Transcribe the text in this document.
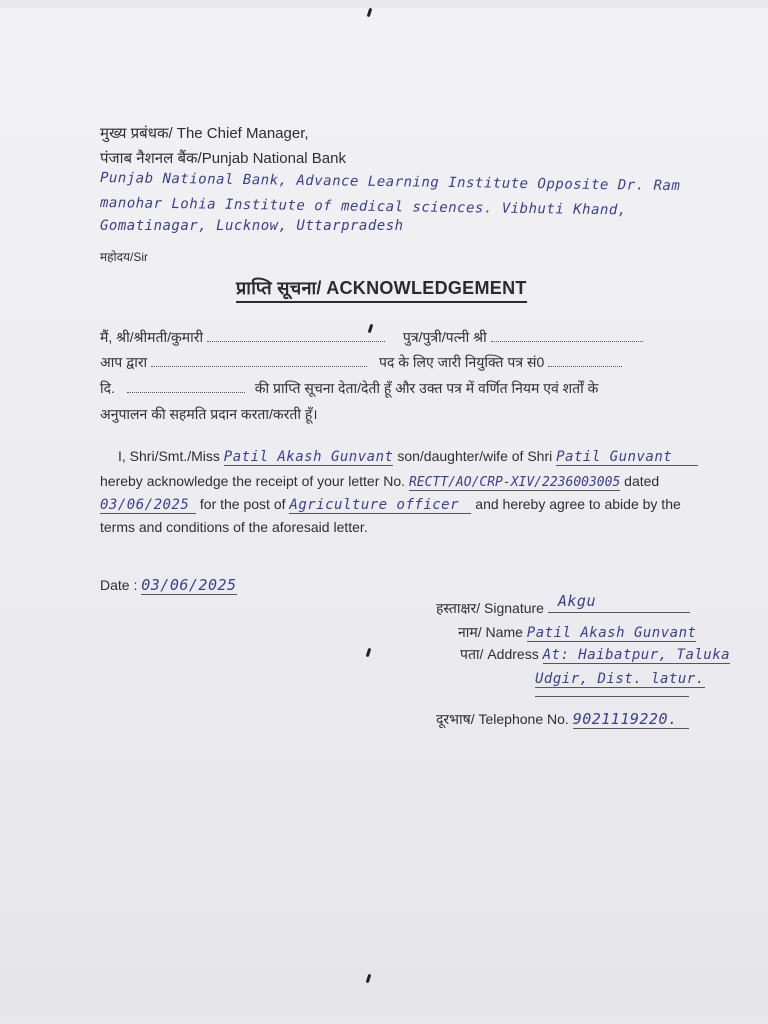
मुख्य प्रबंधक/ The Chief Manager,
पंजाब नैशनल बैंक/Punjab National Bank
Punjab National Bank, Advance Learning Institute Opposite Dr. Ram
manohar Lohia Institute of medical sciences. Vibhuti Khand,
Gomatinagar, Lucknow, Uttarpradesh
महोदय/Sir
प्राप्ति सूचना/ ACKNOWLEDGEMENT
मैं, श्री/श्रीमती/कुमारी	पुत्र/पुत्री/पत्नी श्री
आप द्वारा	पद के लिए जारी नियुक्ति पत्र सं0
दि.	की प्राप्ति सूचना देता/देती हूँ और उक्त पत्र में वर्णित नियम एवं शर्तों के
अनुपालन की सहमति प्रदान करता/करती हूँ।
I, Shri/Smt./Miss Patil Akash Gunvant son/daughter/wife of Shri Patil Gunvant
hereby acknowledge the receipt of your letter No. RECTT/AO/CRP-XIV/2236003005 dated
03/06/2025 for the post of Agriculture officer and hereby agree to abide by the
terms and conditions of the aforesaid letter.
Date : 03/06/2025
हस्ताक्षर/ Signature Akgu
नाम/ Name Patil Akash Gunvant
पता/ Address At: Haibatpur, Taluka
Udgir, Dist. latur.
दूरभाष/ Telephone No. 9021119220.
